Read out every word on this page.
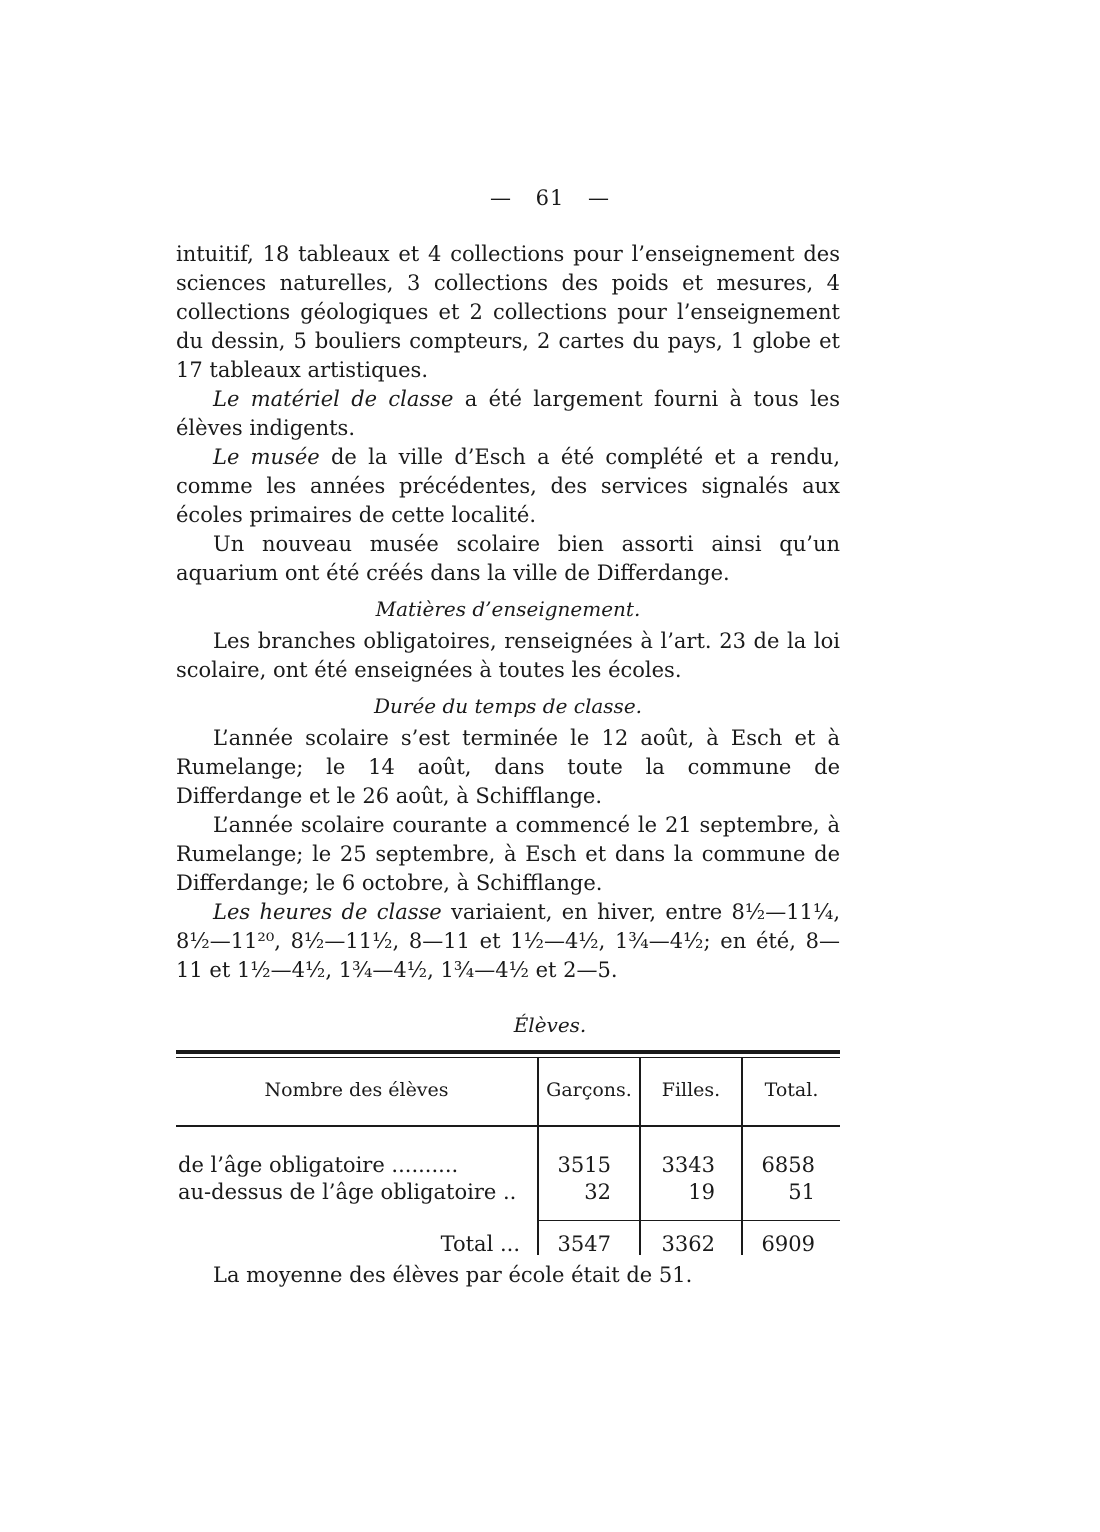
— 61 —

intuitif, 18 tableaux et 4 collections pour l’enseignement des sciences naturelles, 3 collections des poids et mesures, 4 collections géologiques et 2 collections pour l’enseignement du dessin, 5 bouliers compteurs, 2 cartes du pays, 1 globe et 17 tableaux artistiques.

Le matériel de classe a été largement fourni à tous les élèves indigents.

Le musée de la ville d’Esch a été complété et a rendu, comme les années précédentes, des services signalés aux écoles primaires de cette localité.

Un nouveau musée scolaire bien assorti ainsi qu’un aquarium ont été créés dans la ville de Differdange.

Matières d’enseignement.

Les branches obligatoires, renseignées à l’art. 23 de la loi scolaire, ont été enseignées à toutes les écoles.

Durée du temps de classe.

L’année scolaire s’est terminée le 12 août, à Esch et à Rumelange; le 14 août, dans toute la commune de Differdange et le 26 août, à Schifflange.

L’année scolaire courante a commencé le 21 septembre, à Rumelange; le 25 septembre, à Esch et dans la commune de Differdange; le 6 octobre, à Schifflange.

Les heures de classe variaient, en hiver, entre 8½—11¼, 8½—11²⁰, 8½—11½, 8—11 et 1½—4½, 1¾—4½; en été, 8—11 et 1½—4½, 1¾—4½, 1¾—4½ et 2—5.

Élèves.
Nombre des élèves	Garçons.	Filles.	Total.
de l’âge obligatoire ..........	3515	3343	6858
au-dessus de l’âge obligatoire ..	32	19	51
Total ...	3547	3362	6909
La moyenne des élèves par école était de 51.
